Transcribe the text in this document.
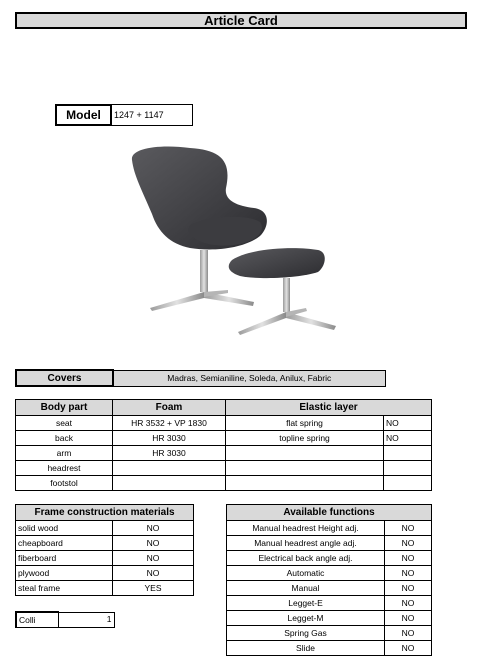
Article Card
Model	1247 + 1147
Covers	Madras, Semianiline, Soleda, Anilux, Fabric
Body part	Foam	Elastic layer	
seat	HR 3532 + VP 1830	flat spring	NO
back	HR 3030	topline spring	NO
arm	HR 3030		
headrest			
footstol			
Frame construction materials	
solid wood	NO
cheapboard	NO
fiberboard	NO
plywood	NO
steal frame	YES
Colli	1
Available functions	
Manual headrest Height adj.	NO
Manual headrest angle adj.	NO
Electrical back angle adj.	NO
Automatic	NO
Manual	NO
Legget-E	NO
Legget-M	NO
Spring Gas	NO
Slide	NO
